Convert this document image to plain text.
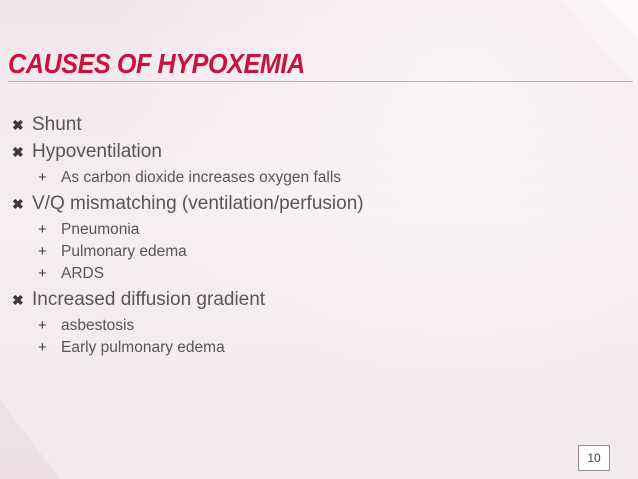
CAUSES OF HYPOXEMIA
✖ Shunt
✖ Hypoventilation
+ As carbon dioxide increases oxygen falls
✖ V/Q mismatching (ventilation/perfusion)
+ Pneumonia
+ Pulmonary edema
+ ARDS
✖ Increased diffusion gradient
+ asbestosis
+ Early pulmonary edema
10
